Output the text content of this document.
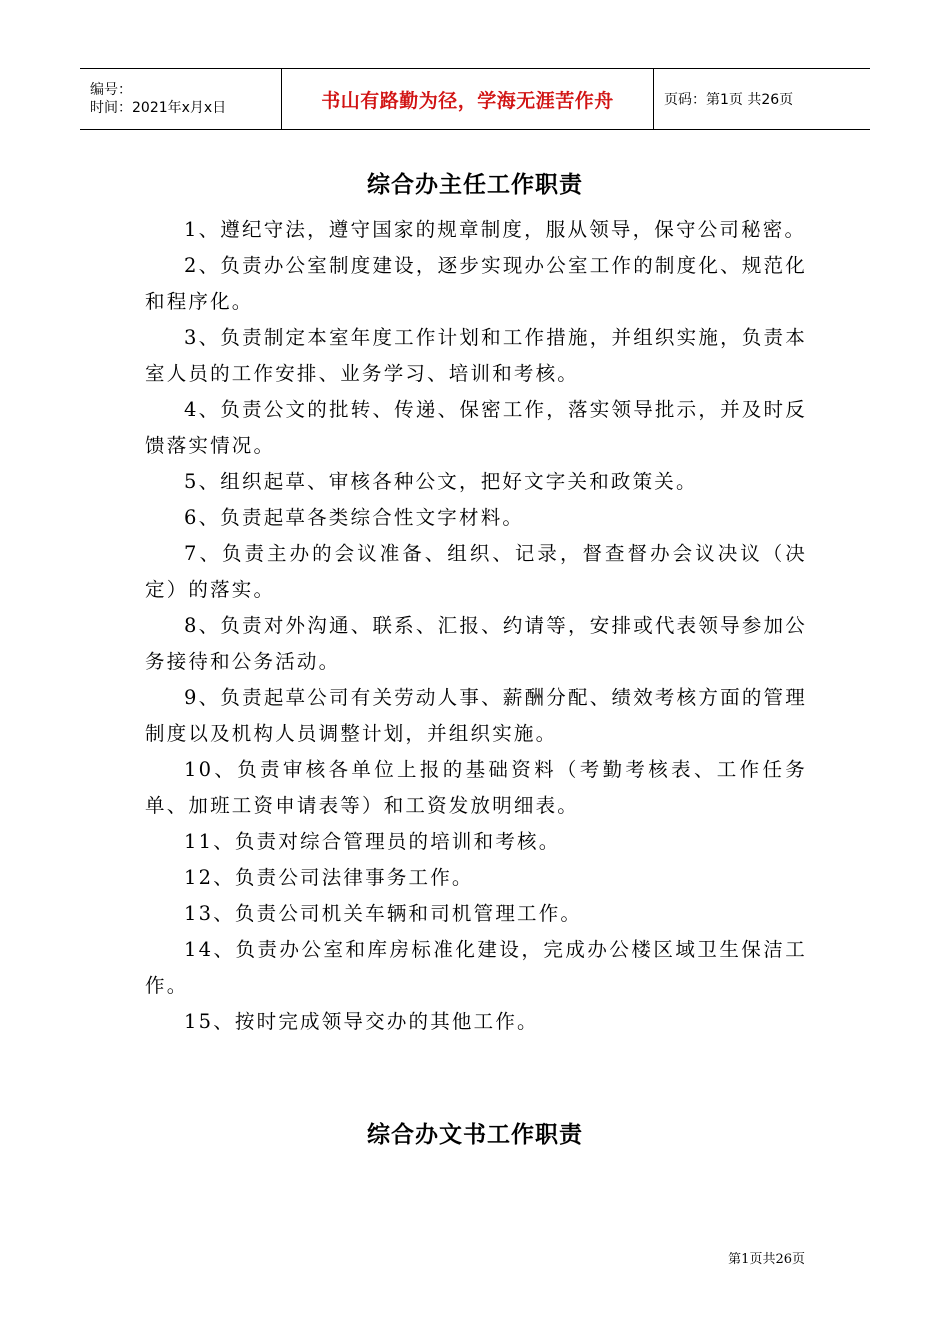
编号：
时间：2021年x月x日	书山有路勤为径，学海无涯苦作舟	页码：第1页 共26页
综合办主任工作职责
1、遵纪守法，遵守国家的规章制度，服从领导，保守公司秘密。
2、负责办公室制度建设，逐步实现办公室工作的制度化、规范化和程序化。
3、负责制定本室年度工作计划和工作措施，并组织实施，负责本室人员的工作安排、业务学习、培训和考核。
4、负责公文的批转、传递、保密工作，落实领导批示，并及时反馈落实情况。
5、组织起草、审核各种公文，把好文字关和政策关。
6、负责起草各类综合性文字材料。
7、负责主办的会议准备、组织、记录，督查督办会议决议（决定）的落实。
8、负责对外沟通、联系、汇报、约请等，安排或代表领导参加公务接待和公务活动。
9、负责起草公司有关劳动人事、薪酬分配、绩效考核方面的管理制度以及机构人员调整计划，并组织实施。
10、负责审核各单位上报的基础资料（考勤考核表、工作任务单、加班工资申请表等）和工资发放明细表。
11、负责对综合管理员的培训和考核。
12、负责公司法律事务工作。
13、负责公司机关车辆和司机管理工作。
14、负责办公室和库房标准化建设，完成办公楼区域卫生保洁工作。
15、按时完成领导交办的其他工作。
综合办文书工作职责
第1页共26页
